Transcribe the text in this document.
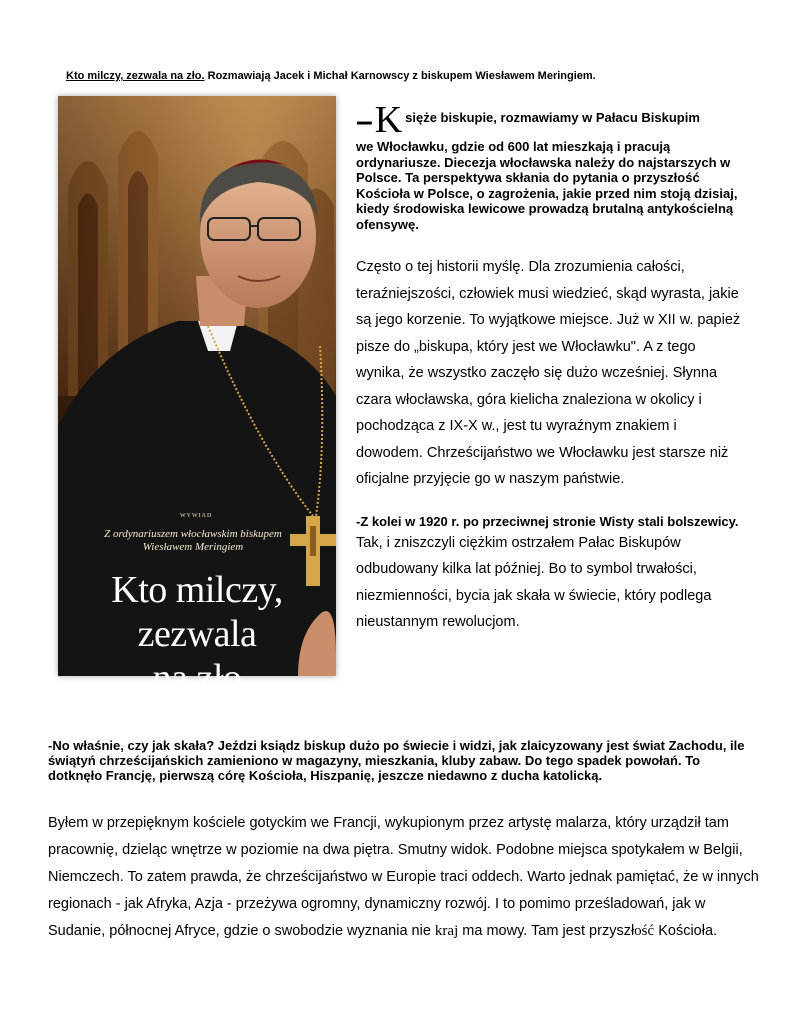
Kto milczy, zezwala na zło. Rozmawiają Jacek i Michał Karnowscy z biskupem Wiesławem Meringiem.
WYWIAD
Z ordynariuszem włocławskim biskupem
Wiesławem Meringiem
Kto milczy,
zezwala
na zło
– K sięże biskupie, rozmawiamy w Pałacu Biskupim
we Włocławku, gdzie od 600 lat mieszkają i pracują ordynariusze. Diecezja włocławska należy do najstarszych w Polsce. Ta perspektywa skłania do pytania o przyszłość Kościoła w Polsce, o zagrożenia, jakie przed nim stoją dzisiaj, kiedy środowiska lewicowe prowadzą brutalną antykościelną ofensywę.
Często o tej historii myślę. Dla zrozumienia całości, teraźniejszości, człowiek musi wiedzieć, skąd wyrasta, jakie są jego korzenie. To wyjątkowe miejsce. Już w XII w. papież pisze do „biskupa, który jest we Włocławku". A z tego wynika, że wszystko zaczęło się dużo wcześniej. Słynna czara włocławska, góra kielicha znaleziona w okolicy i pochodząca z IX-X w., jest tu wyraźnym znakiem i dowodem. Chrześcijaństwo we Włocławku jest starsze niż oficjalne przyjęcie go w naszym państwie.
-Z kolei w 1920 r. po przeciwnej stronie Wisty stali bolszewicy.
Tak, i zniszczyli ciężkim ostrzałem Pałac Biskupów odbudowany kilka lat później. Bo to symbol trwałości, niezmienności, bycia jak skała w świecie, który podlega nieustannym rewolucjom.
-No właśnie, czy jak skała? Jeździ ksiądz biskup dużo po świecie i widzi, jak zlaicyzowany jest świat Zachodu, ile świątyń chrześcijańskich zamieniono w magazyny, mieszkania, kluby zabaw. Do tego spadek powołań. To dotknęło Francję, pierwszą córę Kościoła, Hiszpanię, jeszcze niedawno z ducha katolicką.
Byłem w przepięknym kościele gotyckim we Francji, wykupionym przez artystę malarza, który urządził tam pracownię, dzieląc wnętrze w poziomie na dwa piętra. Smutny widok. Podobne miejsca spotykałem w Belgii, Niemczech. To zatem prawda, że chrześcijaństwo w Europie traci oddech. Warto jednak pamiętać, że w innych regionach - jak Afryka, Azja - przeżywa ogromny, dynamiczny rozwój. I to pomimo prześladowań, jak w Sudanie, północnej Afryce, gdzie o swobodzie wyznania nie kraj ma mowy. Tam jest przyszłość Kościoła.
